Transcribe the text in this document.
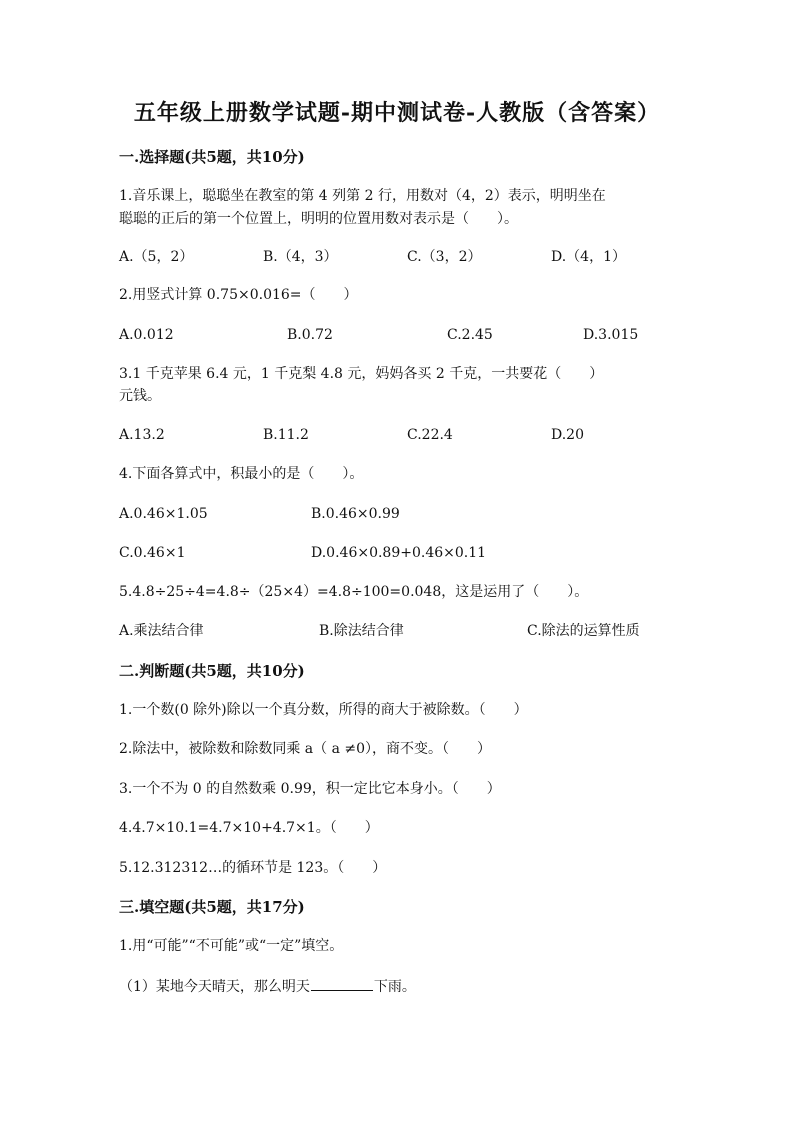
五年级上册数学试题-期中测试卷-人教版（含答案）
一.选择题(共5题，共10分)
1.音乐课上，聪聪坐在教室的第 4 列第 2 行，用数对（4，2）表示，明明坐在
聪聪的正后的第一个位置上，明明的位置用数对表示是（　　）。
A.（5，2）	B.（4，3）	C.（3，2）	D.（4，1）
2.用竖式计算 0.75×0.016=（　　）
A.0.012	B.0.72	C.2.45	D.3.015
3.1 千克苹果 6.4 元，1 千克梨 4.8 元，妈妈各买 2 千克，一共要花（　　）
元钱。
A.13.2	B.11.2	C.22.4	D.20
4.下面各算式中，积最小的是（　　）。
A.0.46×1.05	B.0.46×0.99
C.0.46×1	D.0.46×0.89+0.46×0.11
5.4.8÷25÷4=4.8÷（25×4）=4.8÷100=0.048，这是运用了（　　）。
A.乘法结合律	B.除法结合律	C.除法的运算性质
二.判断题(共5题，共10分)
1.一个数(0 除外)除以一个真分数，所得的商大于被除数。（　　）
2.除法中，被除数和除数同乘 a（ a ≠0），商不变。（　　）
3.一个不为 0 的自然数乘 0.99，积一定比它本身小。（　　）
4.4.7×10.1=4.7×10+4.7×1。（　　）
5.12.312312…的循环节是 123。（　　）
三.填空题(共5题，共17分)
1.用“可能”“不可能”或“一定”填空。
（1）某地今天晴天，那么明天	下雨。
